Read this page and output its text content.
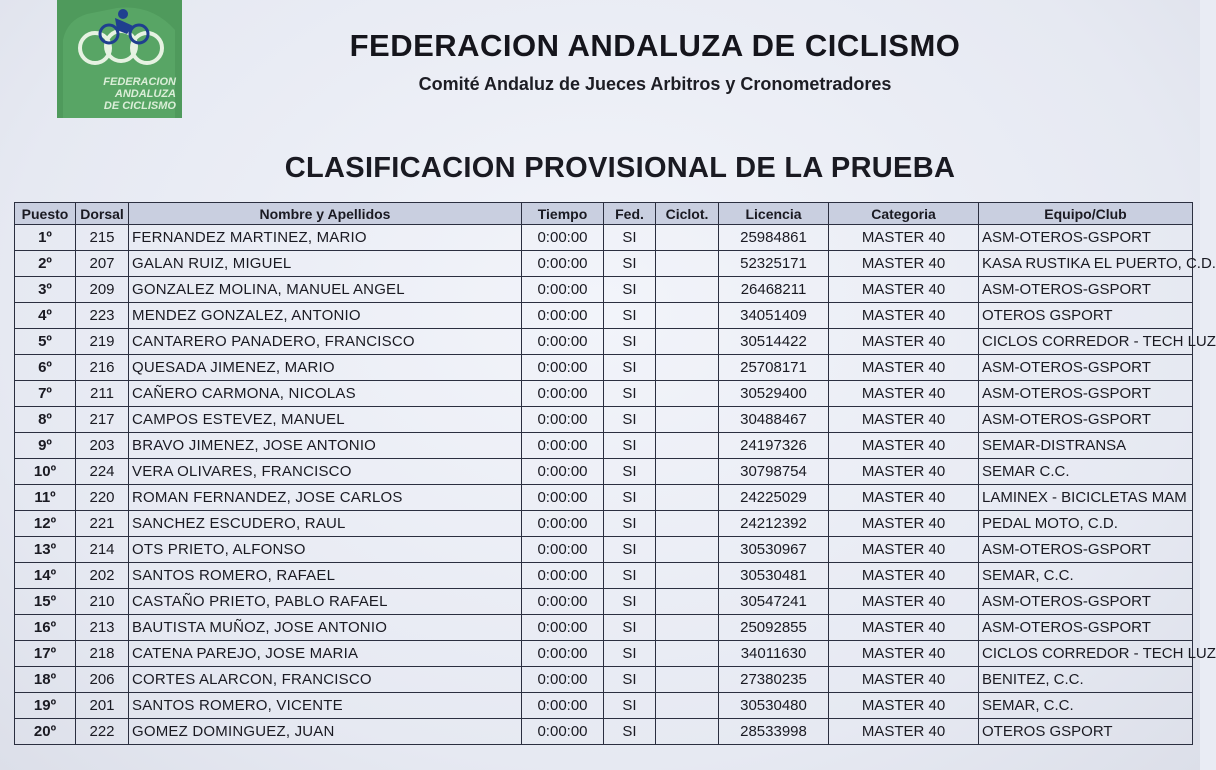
FEDERACION
ANDALUZA
DE CICLISMO
FEDERACION ANDALUZA DE CICLISMO
Comité Andaluz de Jueces Arbitros y Cronometradores
CLASIFICACION PROVISIONAL DE LA PRUEBA
Puesto	Dorsal	Nombre y Apellidos	Tiempo	Fed.	Ciclot.	Licencia	Categoria	Equipo/Club
1º	215	FERNANDEZ MARTINEZ, MARIO	0:00:00	SI		25984861	MASTER 40	ASM-OTEROS-GSPORT
2º	207	GALAN RUIZ, MIGUEL	0:00:00	SI		52325171	MASTER 40	KASA RUSTIKA EL PUERTO, C.D.
3º	209	GONZALEZ MOLINA, MANUEL ANGEL	0:00:00	SI		26468211	MASTER 40	ASM-OTEROS-GSPORT
4º	223	MENDEZ GONZALEZ, ANTONIO	0:00:00	SI		34051409	MASTER 40	OTEROS GSPORT
5º	219	CANTARERO PANADERO, FRANCISCO	0:00:00	SI		30514422	MASTER 40	CICLOS CORREDOR - TECH LUZ
6º	216	QUESADA JIMENEZ, MARIO	0:00:00	SI		25708171	MASTER 40	ASM-OTEROS-GSPORT
7º	211	CAÑERO CARMONA, NICOLAS	0:00:00	SI		30529400	MASTER 40	ASM-OTEROS-GSPORT
8º	217	CAMPOS ESTEVEZ, MANUEL	0:00:00	SI		30488467	MASTER 40	ASM-OTEROS-GSPORT
9º	203	BRAVO JIMENEZ, JOSE ANTONIO	0:00:00	SI		24197326	MASTER 40	SEMAR-DISTRANSA
10º	224	VERA OLIVARES, FRANCISCO	0:00:00	SI		30798754	MASTER 40	SEMAR C.C.
11º	220	ROMAN FERNANDEZ, JOSE CARLOS	0:00:00	SI		24225029	MASTER 40	LAMINEX - BICICLETAS MAM
12º	221	SANCHEZ ESCUDERO, RAUL	0:00:00	SI		24212392	MASTER 40	PEDAL MOTO, C.D.
13º	214	OTS PRIETO, ALFONSO	0:00:00	SI		30530967	MASTER 40	ASM-OTEROS-GSPORT
14º	202	SANTOS ROMERO, RAFAEL	0:00:00	SI		30530481	MASTER 40	SEMAR, C.C.
15º	210	CASTAÑO PRIETO, PABLO RAFAEL	0:00:00	SI		30547241	MASTER 40	ASM-OTEROS-GSPORT
16º	213	BAUTISTA MUÑOZ, JOSE ANTONIO	0:00:00	SI		25092855	MASTER 40	ASM-OTEROS-GSPORT
17º	218	CATENA PAREJO, JOSE MARIA	0:00:00	SI		34011630	MASTER 40	CICLOS CORREDOR - TECH LUZ
18º	206	CORTES ALARCON, FRANCISCO	0:00:00	SI		27380235	MASTER 40	BENITEZ, C.C.
19º	201	SANTOS ROMERO, VICENTE	0:00:00	SI		30530480	MASTER 40	SEMAR, C.C.
20º	222	GOMEZ DOMINGUEZ, JUAN	0:00:00	SI		28533998	MASTER 40	OTEROS GSPORT
